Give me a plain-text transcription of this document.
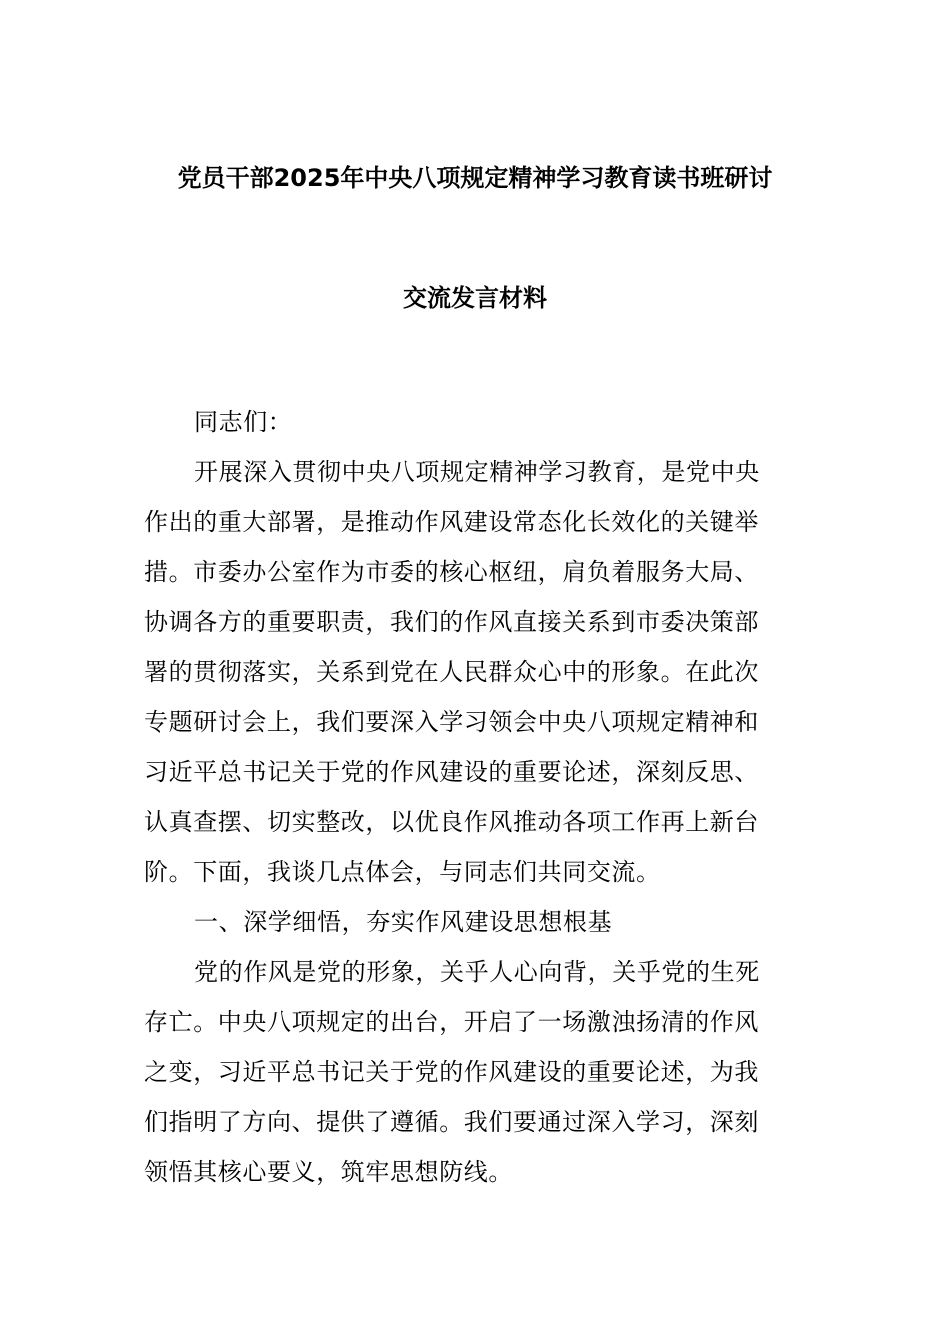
党员干部2025年中央八项规定精神学习教育读书班研讨
交流发言材料
同志们：
开展深入贯彻中央八项规定精神学习教育，是党中央
作出的重大部署，是推动作风建设常态化长效化的关键举
措。市委办公室作为市委的核心枢纽，肩负着服务大局、
协调各方的重要职责，我们的作风直接关系到市委决策部
署的贯彻落实，关系到党在人民群众心中的形象。在此次
专题研讨会上，我们要深入学习领会中央八项规定精神和
习近平总书记关于党的作风建设的重要论述，深刻反思、
认真查摆、切实整改，以优良作风推动各项工作再上新台
阶。下面，我谈几点体会，与同志们共同交流。
一、深学细悟，夯实作风建设思想根基
党的作风是党的形象，关乎人心向背，关乎党的生死
存亡。中央八项规定的出台，开启了一场激浊扬清的作风
之变，习近平总书记关于党的作风建设的重要论述，为我
们指明了方向、提供了遵循。我们要通过深入学习，深刻
领悟其核心要义，筑牢思想防线。
